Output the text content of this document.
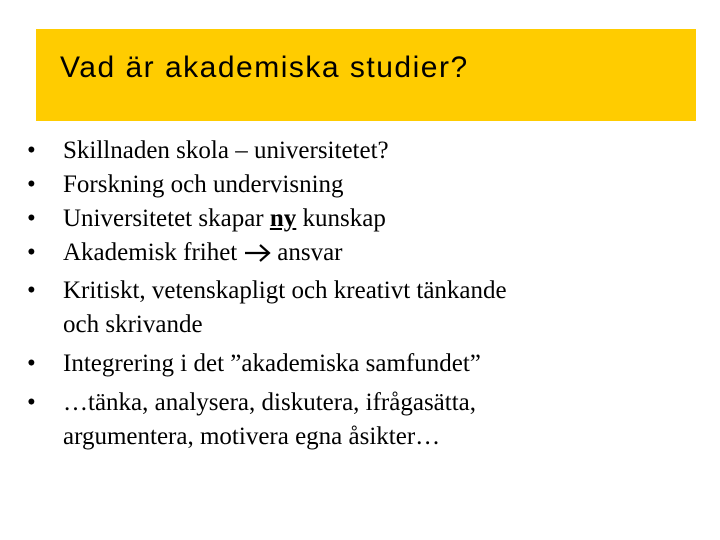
Vad är akademiska studier?
• Skillnaden skola – universitetet?
• Forskning och undervisning
• Universitetet skapar ny kunskap
• Akademisk frihet ansvar
• Kritiskt, vetenskapligt och kreativt tänkande
och skrivande
• Integrering i det ”akademiska samfundet”
• …tänka, analysera, diskutera, ifrågasätta,
argumentera, motivera egna åsikter…
